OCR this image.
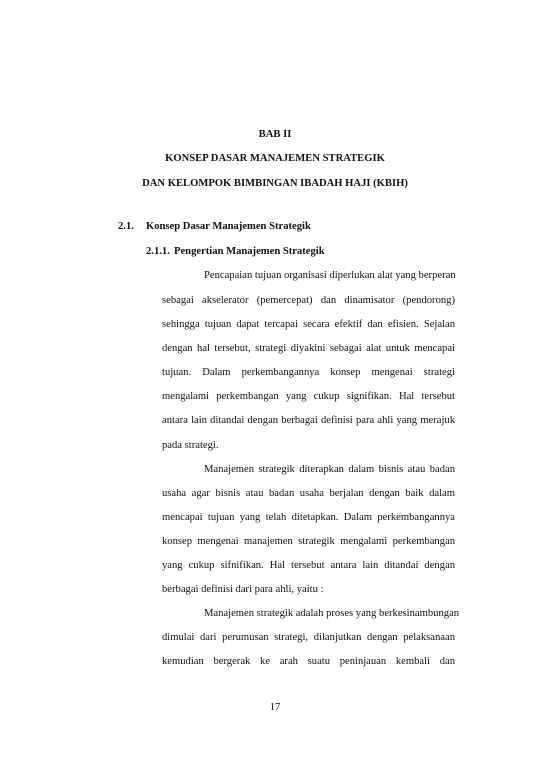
BAB II
KONSEP DASAR MANAJEMEN STRATEGIK
DAN KELOMPOK BIMBINGAN IBADAH HAJI (KBIH)
2.1. Konsep Dasar Manajemen Strategik
2.1.1. Pengertian Manajemen Strategik
Pencapaian tujuan organisasi diperlukan alat yang berperan
sebagai akselerator (pemercepat) dan dinamisator (pendorong)
sehingga tujuan dapat tercapai secara efektif dan efisien. Sejalan
dengan hal tersebut, strategi diyakini sebagai alat untuk mencapai
tujuan. Dalam perkembangannya konsep mengenai strategi
mengalami perkembangan yang cukup signifikan. Hal tersebut
antara lain ditandai dengan berbagai definisi para ahli yang merajuk
pada strategi.
Manajemen strategik diterapkan dalam bisnis atau badan
usaha agar bisnis atau badan usaha berjalan dengan baik dalam
mencapai tujuan yang telah ditetapkan. Dalam perkembangannya
konsep mengenai manajemen strategik mengalami perkembangan
yang cukup sifnifikan. Hal tersebut antara lain ditandai dengan
berbagai definisi dari para ahli, yaitu :
Manajemen strategik adalah proses yang berkesinambungan
dimulai dari perumusan strategi, dilanjutkan dengan pelaksanaan
kemudian bergerak ke arah suatu peninjauan kembali dan
17
